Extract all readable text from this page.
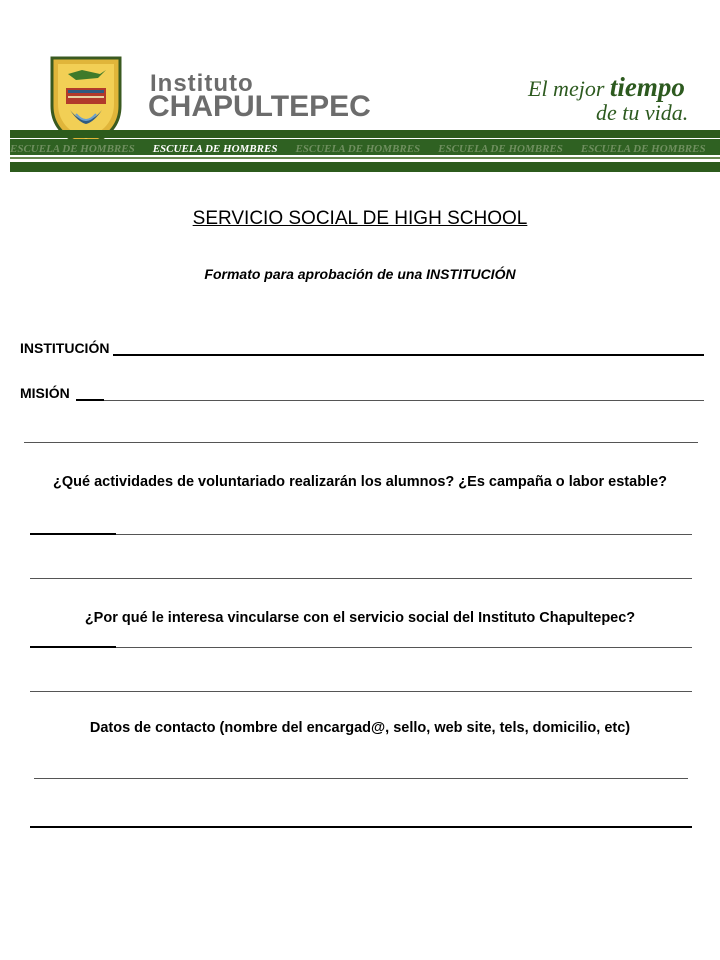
Instituto
CHAPULTEPEC
El mejor tiempo
de tu vida.
ESCUELA DE HOMBRES ESCUELA DE HOMBRES ESCUELA DE HOMBRES ESCUELA DE HOMBRES ESCUELA DE HOMBRES
SERVICIO SOCIAL DE HIGH SCHOOL
Formato para aprobación de una INSTITUCIÓN
INSTITUCIÓN
MISIÓN
¿Qué actividades de voluntariado realizarán los alumnos? ¿Es campaña o labor estable?
¿Por qué le interesa vincularse con el servicio social del Instituto Chapultepec?
Datos de contacto (nombre del encargad@, sello, web site, tels, domicilio, etc)
